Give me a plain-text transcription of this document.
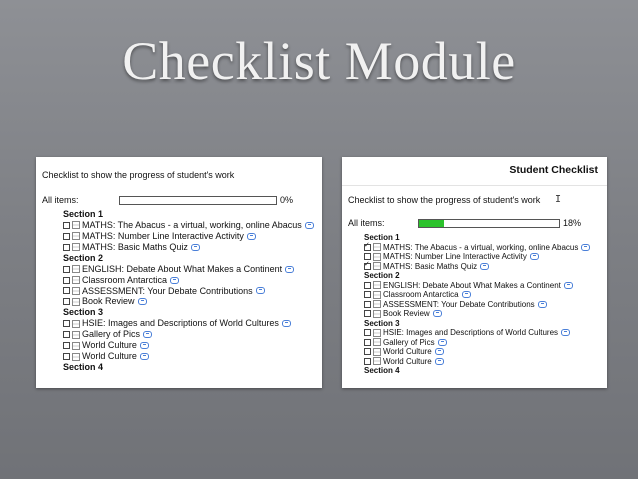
Checklist Module
Checklist to show the progress of student's work
All items:	0%
Section 1
MATHS: The Abacus - a virtual, working, online Abacus
MATHS: Number Line Interactive Activity
MATHS: Basic Maths Quiz
Section 2
ENGLISH: Debate About What Makes a Continent
Classroom Antarctica
ASSESSMENT: Your Debate Contributions
Book Review
Section 3
HSIE: Images and Descriptions of World Cultures
Gallery of Pics
World Culture
World Culture
Section 4
Student Checklist
Checklist to show the progress of student's work	I
All items:	18%
Section 1
✓
MATHS: The Abacus - a virtual, working, online Abacus
MATHS: Number Line Interactive Activity
✓
MATHS: Basic Maths Quiz
Section 2
ENGLISH: Debate About What Makes a Continent
Classroom Antarctica
ASSESSMENT: Your Debate Contributions
Book Review
Section 3
HSIE: Images and Descriptions of World Cultures
Gallery of Pics
World Culture
World Culture
Section 4
